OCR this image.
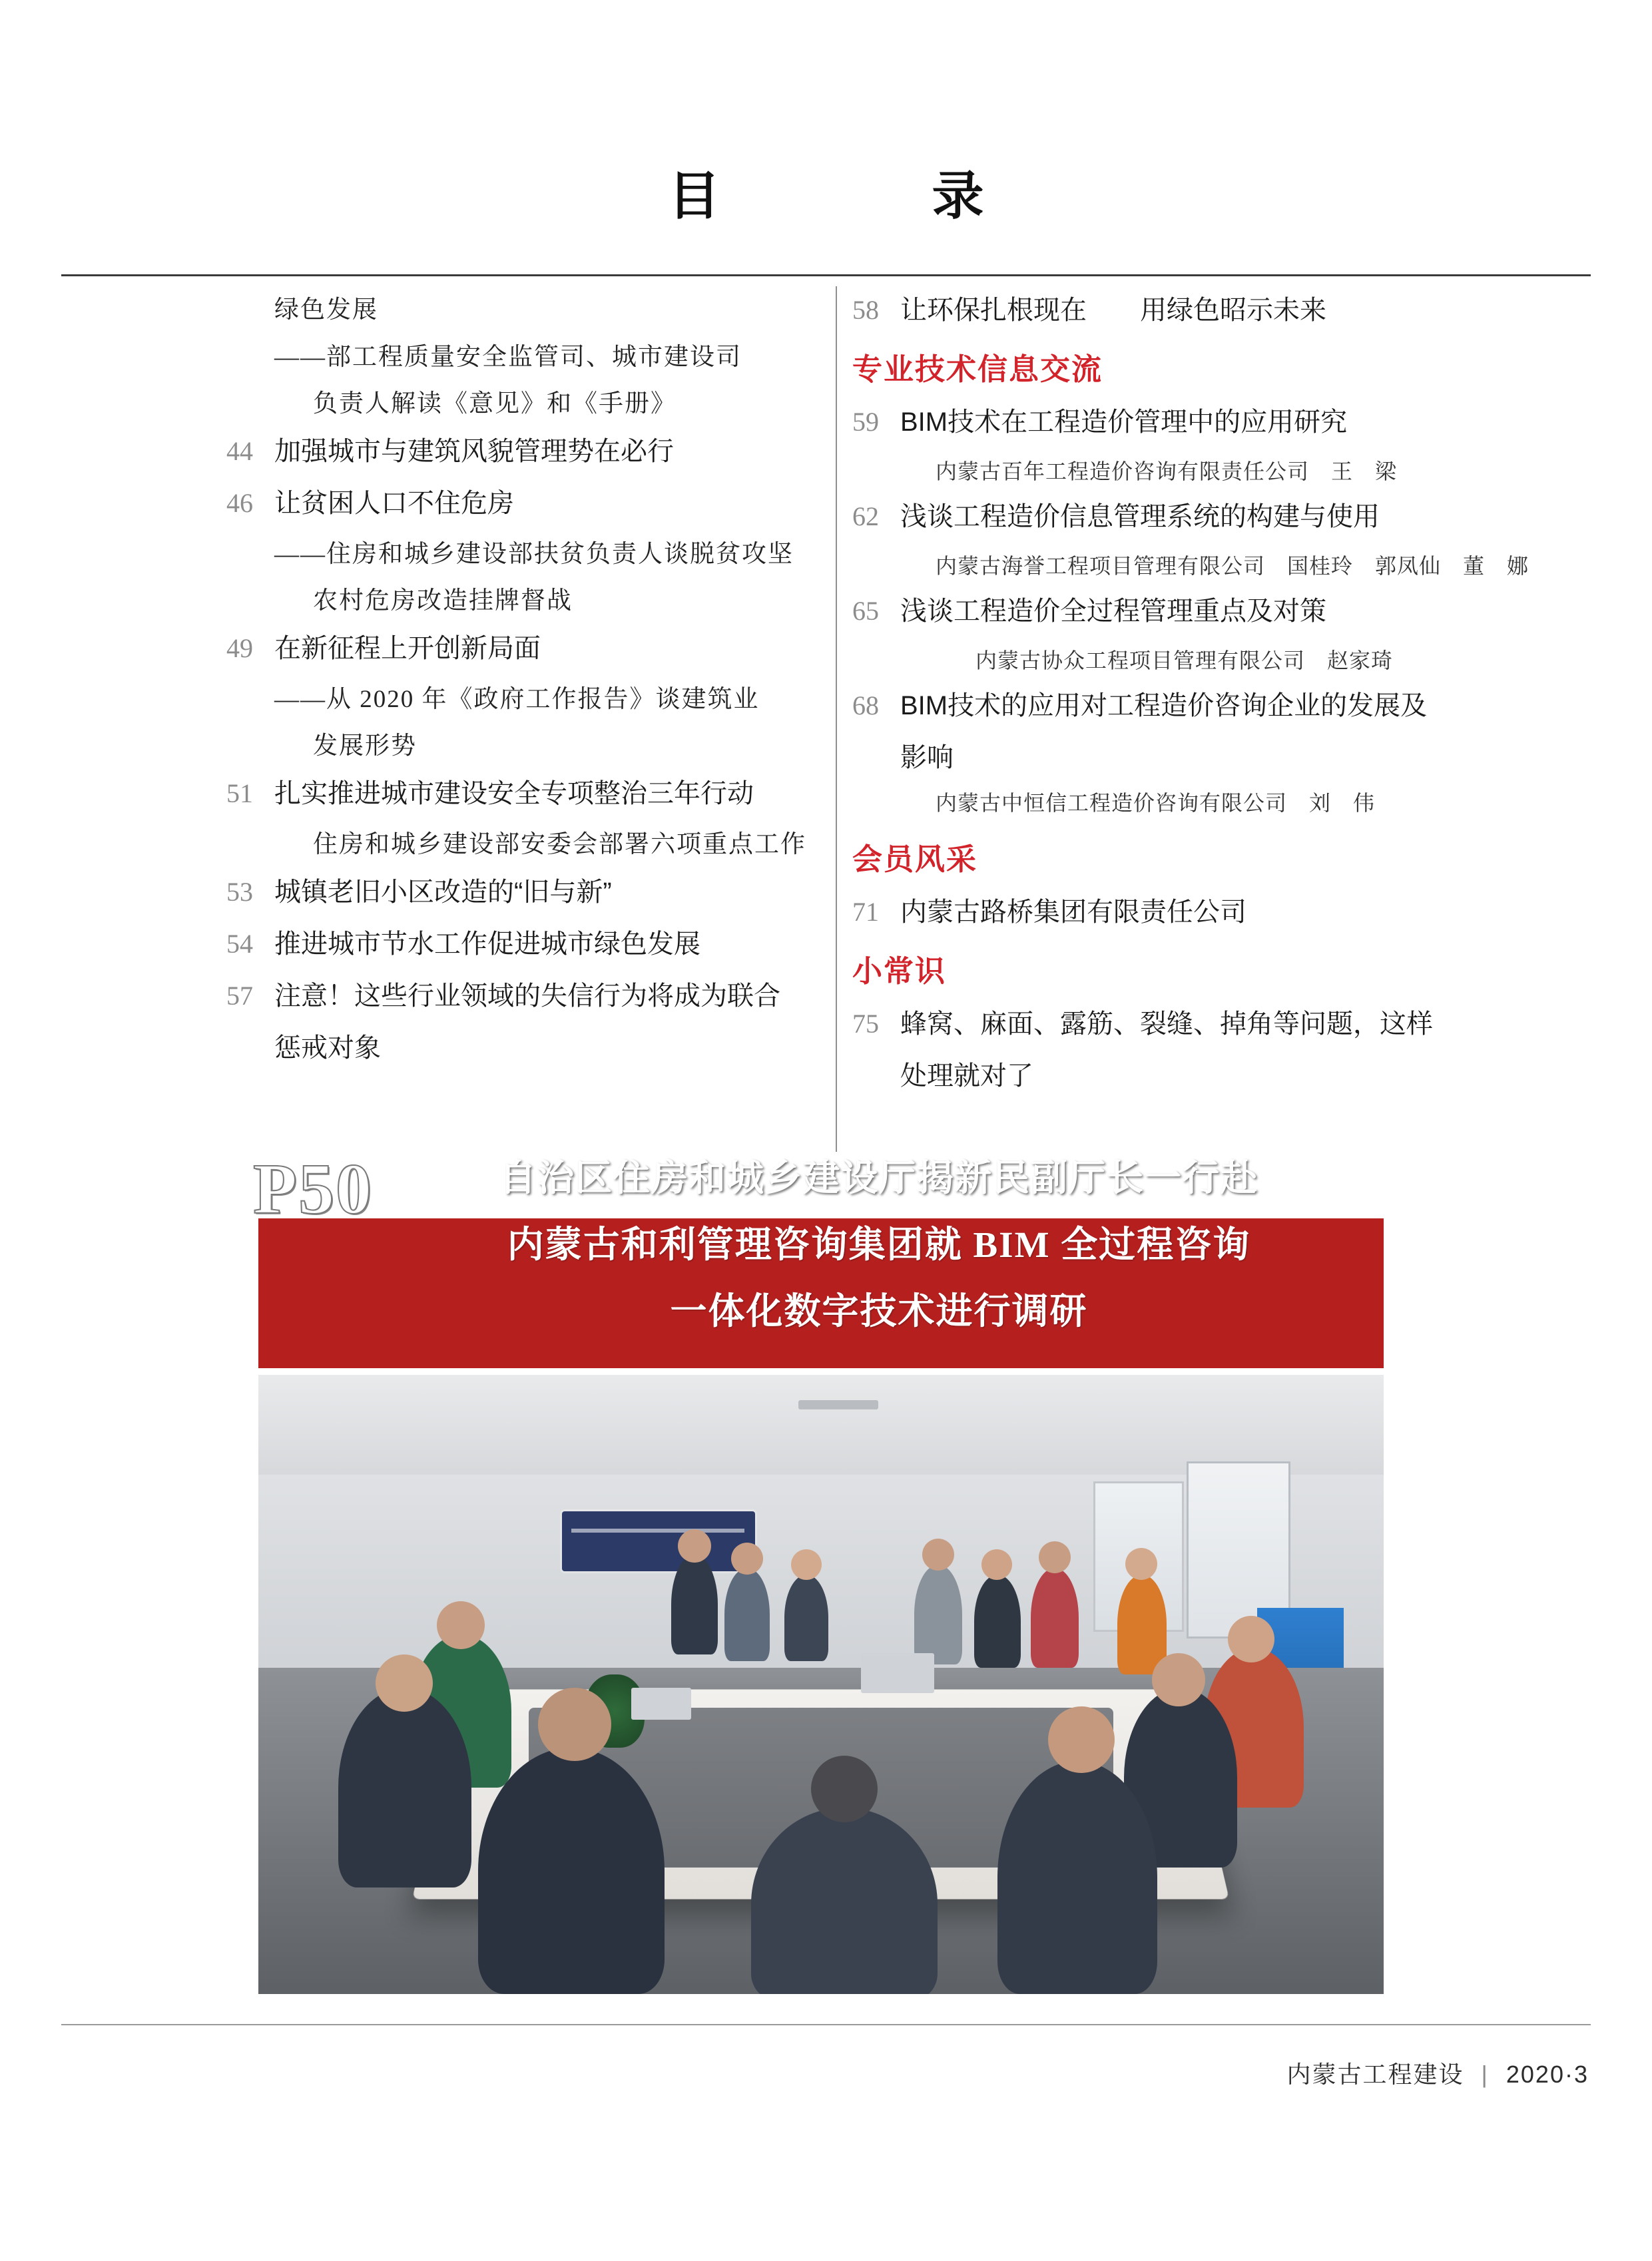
目　　录
绿色发展
——部工程质量安全监管司、城市建设司
负责人解读《意见》和《手册》
44 加强城市与建筑风貌管理势在必行
46 让贫困人口不住危房
——住房和城乡建设部扶贫负责人谈脱贫攻坚
农村危房改造挂牌督战
49 在新征程上开创新局面
——从 2020 年《政府工作报告》谈建筑业
发展形势
51 扎实推进城市建设安全专项整治三年行动
住房和城乡建设部安委会部署六项重点工作
53 城镇老旧小区改造的“旧与新”
54 推进城市节水工作促进城市绿色发展
57 注意！这些行业领域的失信行为将成为联合
惩戒对象
58 让环保扎根现在　　用绿色昭示未来
专业技术信息交流
59 BIM技术在工程造价管理中的应用研究
内蒙古百年工程造价咨询有限责任公司　王　梁
62 浅谈工程造价信息管理系统的构建与使用
内蒙古海誉工程项目管理有限公司　国桂玲　郭凤仙　董　娜
65 浅谈工程造价全过程管理重点及对策
内蒙古协众工程项目管理有限公司　赵家琦
68 BIM技术的应用对工程造价咨询企业的发展及
影响
内蒙古中恒信工程造价咨询有限公司　刘　伟
会员风采
71 内蒙古路桥集团有限责任公司
小常识
75 蜂窝、麻面、露筋、裂缝、掉角等问题，这样
处理就对了
P50	自治区住房和城乡建设厅揭新民副厅长一行赴
内蒙古和利管理咨询集团就 BIM 全过程咨询
一体化数字技术进行调研
内蒙古工程建设 | 2020·3
